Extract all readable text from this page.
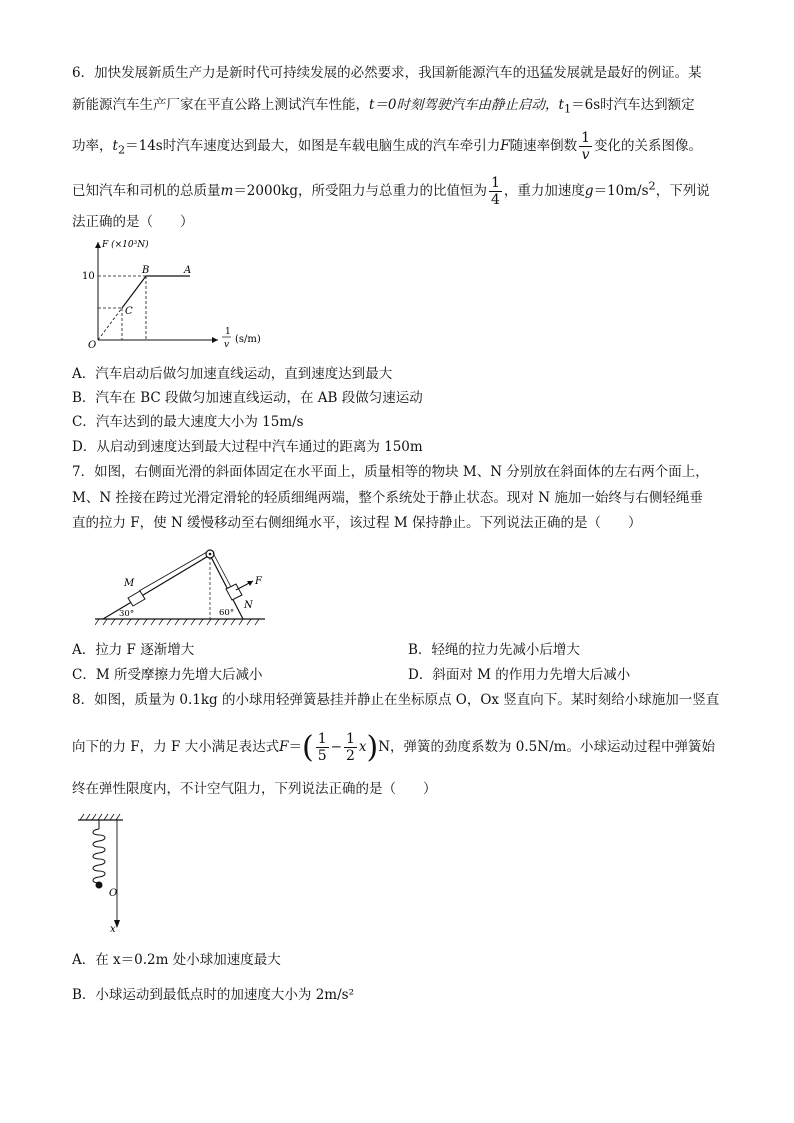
6．加快发展新质生产力是新时代可持续发展的必然要求，我国新能源汽车的迅猛发展就是最好的例证。某
新能源汽车生产厂家在平直公路上测试汽车性能，t＝0时刻驾驶汽车由静止启动，$t_1=6s$时汽车达到额定
功率，$t_2=14s$时汽车速度达到最大，如图是车载电脑生成的汽车牵引力F随速率倒数 $\frac{1}{v}$ 变化的关系图像。
已知汽车和司机的总质量m＝2000kg，所受阻力与总重力的比值恒为 $\frac{1}{4}$ ，重力加速度$g=10m/s^2$，下列说
法正确的是（　　）
F (×10³N)
10
B	A
C
O
1
v (s/m)
A．汽车启动后做匀加速直线运动，直到速度达到最大
B．汽车在 BC 段做匀加速直线运动，在 AB 段做匀速运动
C．汽车达到的最大速度大小为 15m/s
D．从启动到速度达到最大过程中汽车通过的距离为 150m
7．如图，右侧面光滑的斜面体固定在水平面上，质量相等的物块 M、N 分别放在斜面体的左右两个面上，
M、N 拴接在跨过光滑定滑轮的轻质细绳两端，整个系统处于静止状态。现对 N 施加一始终与右侧轻绳垂
直的拉力 F，使 N 缓慢移动至右侧细绳水平，该过程 M 保持静止。下列说法正确的是（　　）
M
N
F
30°	60°
A．拉力 F 逐渐增大	B．轻绳的拉力先减小后增大
C．M 所受摩擦力先增大后减小	D．斜面对 M 的作用力先增大后减小
8．如图，质量为 0.1kg 的小球用轻弹簧悬挂并静止在坐标原点 O，Ox 竖直向下。某时刻给小球施加一竖直
向下的力 F，力 F 大小满足表达式$F=( \frac{1}{5} - \frac{1}{2} x)N$，弹簧的劲度系数为 0.5N/m。小球运动过程中弹簧始
终在弹性限度内，不计空气阻力，下列说法正确的是（　　）
O
x
A．在 x＝0.2m 处小球加速度最大
B．小球运动到最低点时的加速度大小为 2m/s²
